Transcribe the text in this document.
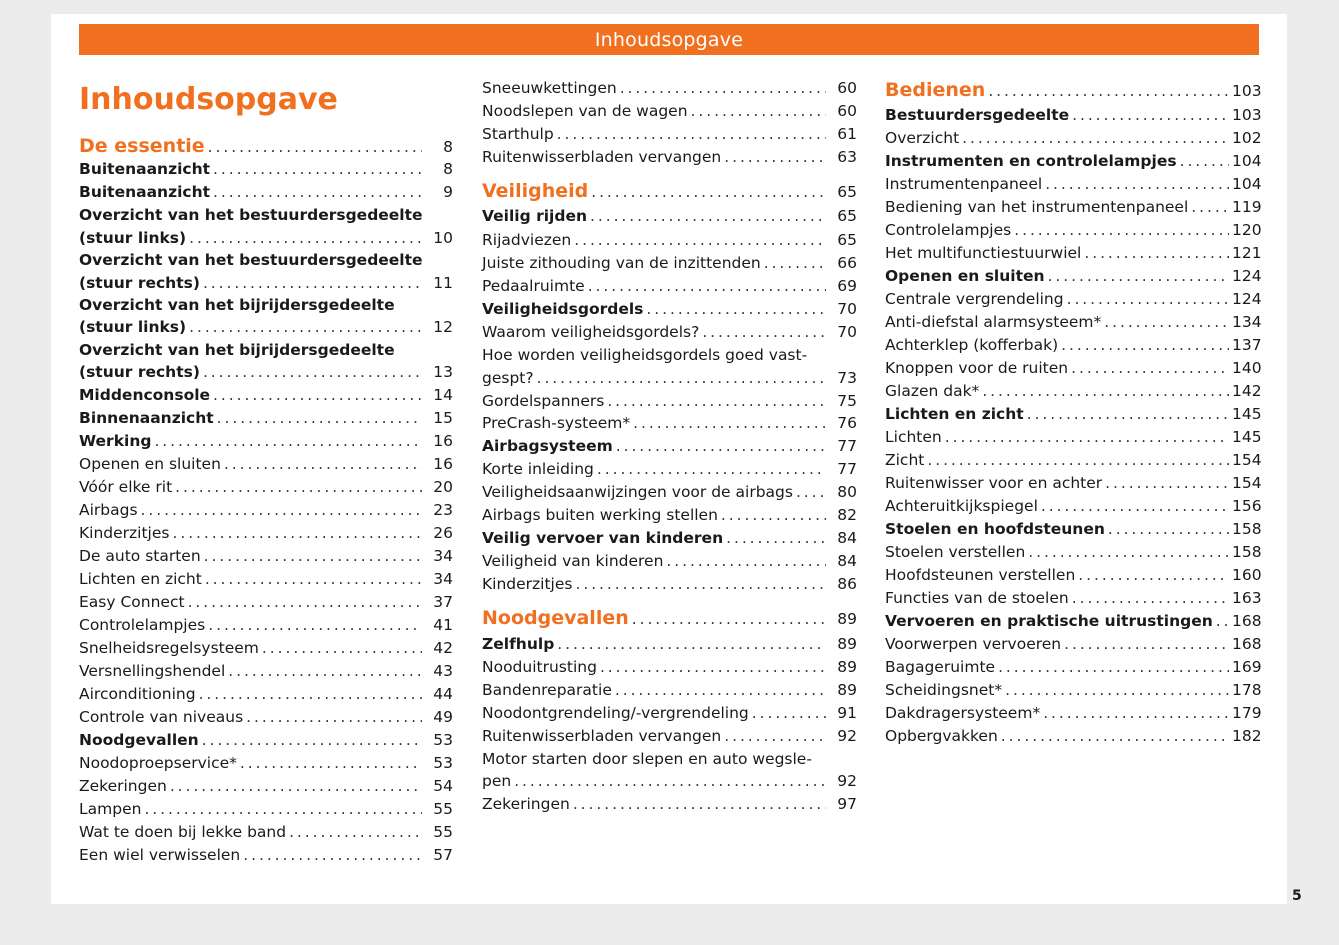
Inhoudsopgave
Inhoudsopgave
De essentie . . .	8
Buitenaanzicht . . .	8
Buitenaanzicht . . .	9
Overzicht van het bestuurdersgedeelte
(stuur links) . . .	10
Overzicht van het bestuurdersgedeelte
(stuur rechts) . . .	11
Overzicht van het bijrijdersgedeelte
(stuur links) . . .	12
Overzicht van het bijrijdersgedeelte
(stuur rechts) . . .	13
Middenconsole . . .	14
Binnenaanzicht . . .	15
Werking . . .	16
Openen en sluiten . . .	16
Vóór elke rit . . .	20
Airbags . . .	23
Kinderzitjes . . .	26
De auto starten . . .	34
Lichten en zicht . . .	34
Easy Connect . . .	37
Controlelampjes . . .	41
Snelheidsregelsysteem . . .	42
Versnellingshendel . . .	43
Airconditioning . . .	44
Controle van niveaus . . .	49
Noodgevallen . . .	53
Noodoproepservice* . . .	53
Zekeringen . . .	54
Lampen . . .	55
Wat te doen bij lekke band . . .	55
Een wiel verwisselen . . .	57
Sneeuwkettingen . . .	60
Noodslepen van de wagen . . .	60
Starthulp . . .	61
Ruitenwisserbladen vervangen . . .	63
Veiligheid . . .	65
Veilig rijden . . .	65
Rijadviezen . . .	65
Juiste zithouding van de inzittenden . . .	66
Pedaalruimte . . .	69
Veiligheidsgordels . . .	70
Waarom veiligheidsgordels? . . .	70
Hoe worden veiligheidsgordels goed vast-
gespt? . . .	73
Gordelspanners . . .	75
PreCrash-systeem* . . .	76
Airbagsysteem . . .	77
Korte inleiding . . .	77
Veiligheidsaanwijzingen voor de airbags . . .	80
Airbags buiten werking stellen . . .	82
Veilig vervoer van kinderen . . .	84
Veiligheid van kinderen . . .	84
Kinderzitjes . . .	86
Noodgevallen . . .	89
Zelfhulp . . .	89
Nooduitrusting . . .	89
Bandenreparatie . . .	89
Noodontgrendeling/-vergrendeling . . .	91
Ruitenwisserbladen vervangen . . .	92
Motor starten door slepen en auto wegsle-
pen . . .	92
Zekeringen . . .	97
Bedienen . . .	103
Bestuurdersgedeelte . . .	103
Overzicht . . .	102
Instrumenten en controlelampjes . . .	104
Instrumentenpaneel . . .	104
Bediening van het instrumentenpaneel . . .	119
Controlelampjes . . .	120
Het multifunctiestuurwiel . . .	121
Openen en sluiten . . .	124
Centrale vergrendeling . . .	124
Anti-diefstal alarmsysteem* . . .	134
Achterklep (kofferbak) . . .	137
Knoppen voor de ruiten . . .	140
Glazen dak* . . .	142
Lichten en zicht . . .	145
Lichten . . .	145
Zicht . . .	154
Ruitenwisser voor en achter . . .	154
Achteruitkijkspiegel . . .	156
Stoelen en hoofdsteunen . . .	158
Stoelen verstellen . . .	158
Hoofdsteunen verstellen . . .	160
Functies van de stoelen . . .	163
Vervoeren en praktische uitrustingen . . . 168
Voorwerpen vervoeren . . .	168
Bagageruimte . . .	169
Scheidingsnet* . . .	178
Dakdragersysteem* . . .	179
Opbergvakken . . .	182
5
